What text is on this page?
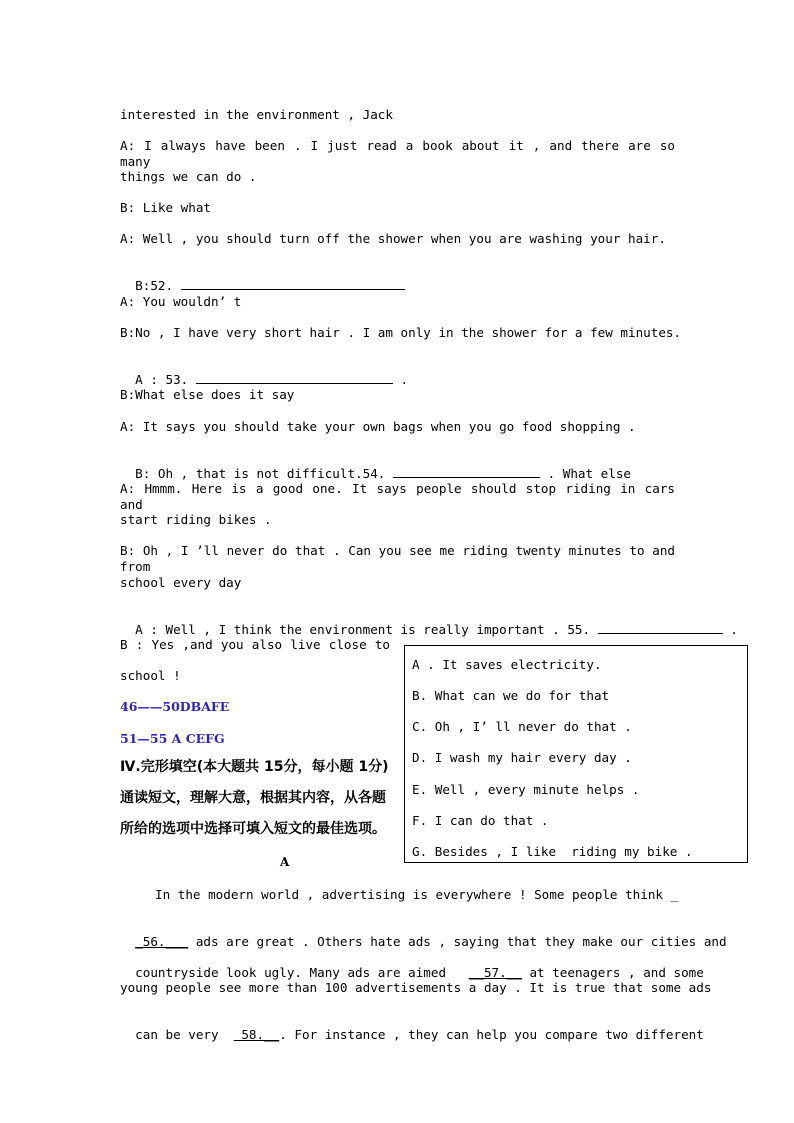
interested in the environment , Jack
A: I always have been . I just read a book about it , and there are so many
things we can do .
B: Like what
A: Well , you should turn off the shower when you are washing your hair.

B:52.

A: You wouldn’ t
B:No , I have very short hair . I am only in the shower for a few minutes.

A : 53.	.

B:What else does it say
A: It says you should take your own bags when you go food shopping .

B: Oh , that is not difficult.54.	. What else

A: Hmmm. Here is a good one. It says people should stop riding in cars and
start riding bikes .
B: Oh , I ’ll never do that . Can you see me riding twenty minutes to and from
school every day

A : Well , I think the environment is really important . 55.	.

B : Yes ,and you also live close to
school !
46——50DBAFE
51—55 A CEFG
Ⅳ.完形填空(本大题共 15分，每小题 1分)
通读短文，理解大意，根据其内容，从各题
所给的选项中选择可填入短文的最佳选项。
A
A . It saves electricity.
B. What can we do for that
C. Oh , I’ ll never do that .
D. I wash my hair every day .
E. Well , every minute helps .
F. I can do that .
G. Besides , I like  riding my bike .
In the modern world , advertising is everywhere ! Some people think _

_56.___ ads are great . Others hate ads , saying that they make our cities and

countryside look ugly. Many ads are aimed   __57.__ at teenagers , and some

young people see more than 100 advertisements a day . It is true that some ads

can be very   58.__. For instance , they can help you compare two different
